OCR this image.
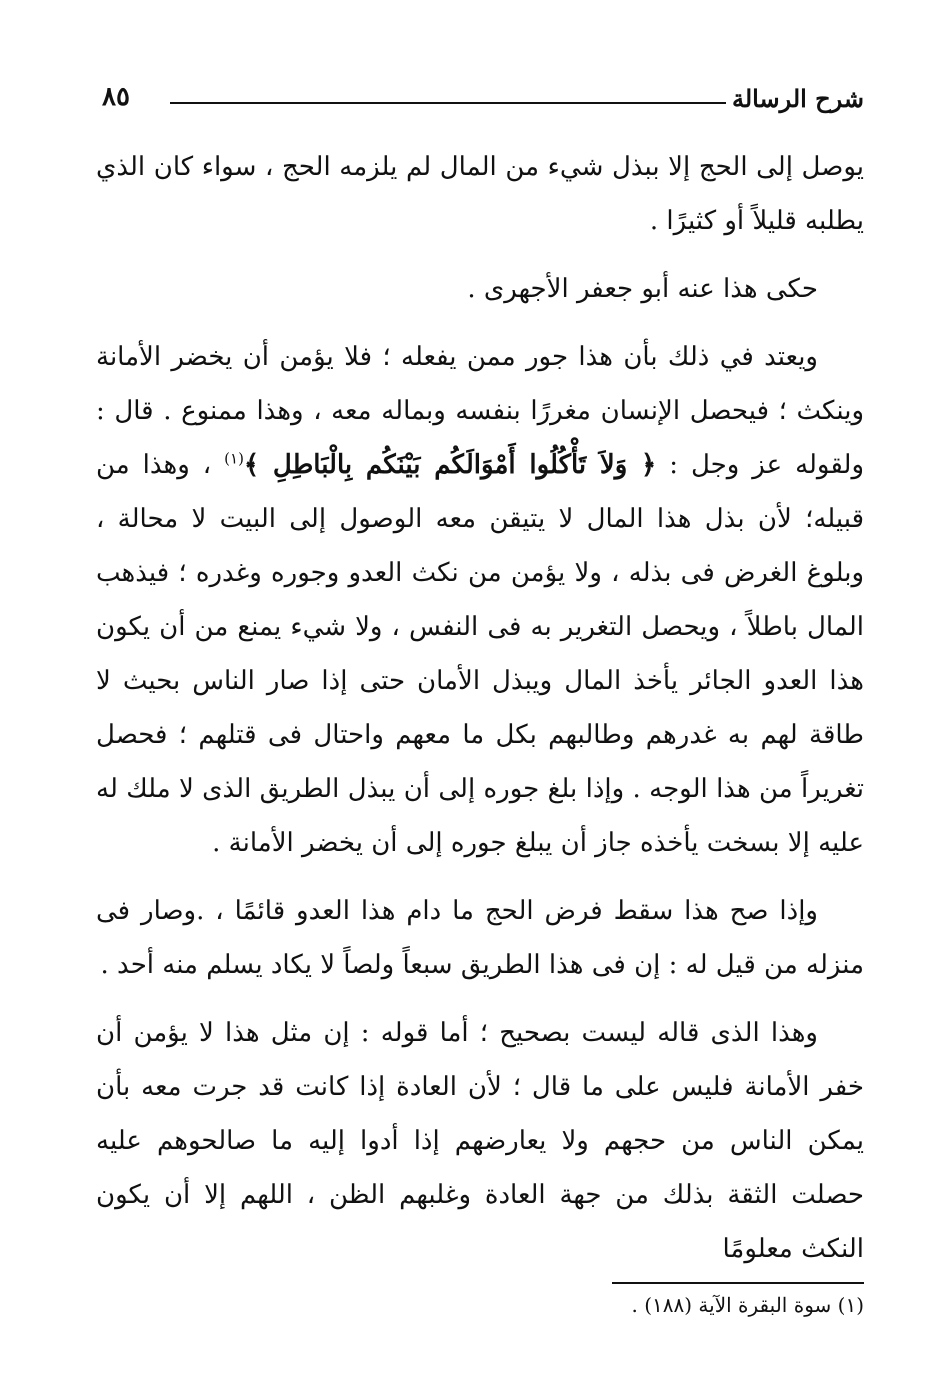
شرح الرسالة
٨٥

يوصل إلى الحج إلا ببذل شيء من المال لم يلزمه الحج ، سواء كان الذي يطلبه قليلاً أو كثيرًا .

حكى هذا عنه أبو جعفر الأجهرى .

ويعتد في ذلك بأن هذا جور ممن يفعله ؛ فلا يؤمن أن يخضر الأمانة وينكث ؛ فيحصل الإنسان مغررًا بنفسه وبماله معه ، وهذا ممنوع . قال : ولقوله عز وجل : ﴿ وَلاَ تَأْكُلُوا أَمْوَالَكُم بَيْنَكُم بِالْبَاطِلِ ﴾$^{(١)}$ ، وهذا من قبيله؛ لأن بذل هذا المال لا يتيقن معه الوصول إلى البيت لا محالة ، وبلوغ الغرض فى بذله ، ولا يؤمن من نكث العدو وجوره وغدره ؛ فيذهب المال باطلاً ، ويحصل التغرير به فى النفس ، ولا شيء يمنع من أن يكون هذا العدو الجائر يأخذ المال ويبذل الأمان حتى إذا صار الناس بحيث لا طاقة لهم به غدرهم وطالبهم بكل ما معهم واحتال فى قتلهم ؛ فحصل تغريراً من هذا الوجه . وإذا بلغ جوره إلى أن يبذل الطريق الذى لا ملك له عليه إلا بسخت يأخذه جاز أن يبلغ جوره إلى أن يخضر الأمانة .

وإذا صح هذا سقط فرض الحج ما دام هذا العدو قائمًا ، .وصار فى منزله من قيل له : إن فى هذا الطريق سبعاً ولصاً لا يكاد يسلم منه أحد .

وهذا الذى قاله ليست بصحيح ؛ أما قوله : إن مثل هذا لا يؤمن أن خفر الأمانة فليس على ما قال ؛ لأن العادة إذا كانت قد جرت معه بأن يمكن الناس من حجهم ولا يعارضهم إذا أدوا إليه ما صالحوهم عليه حصلت الثقة بذلك من جهة العادة وغلبهم الظن ، اللهم إلا أن يكون النكث معلومًا

(١) سوة البقرة الآية (١٨٨) .
